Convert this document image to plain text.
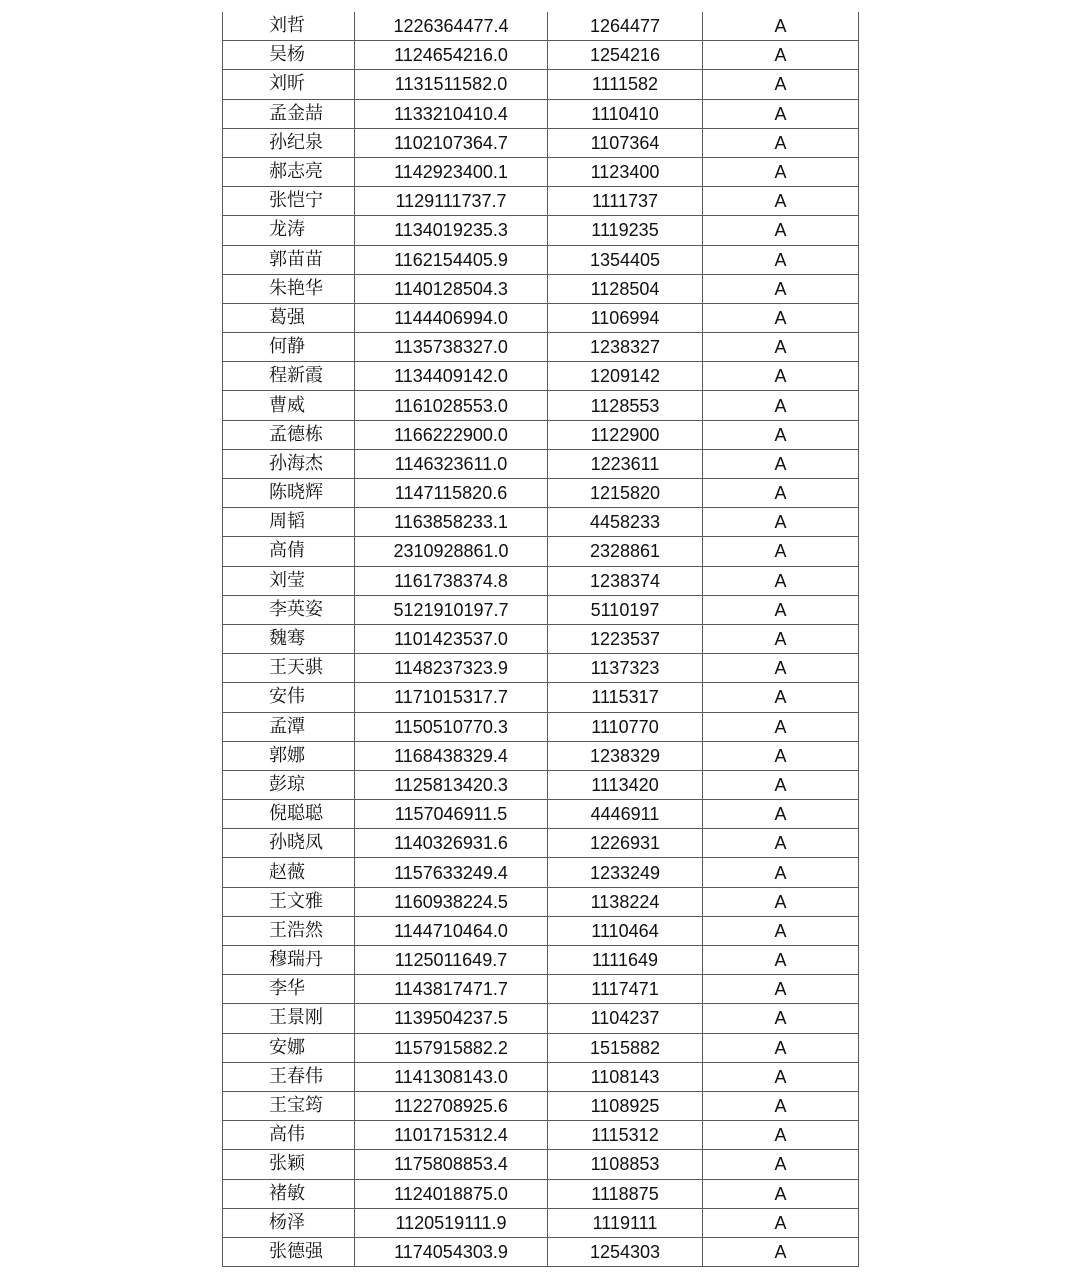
刘哲	1226364477.4	1264477	A
吴杨	1124654216.0	1254216	A
刘昕	1131511582.0	1111582	A
孟金喆	1133210410.4	1110410	A
孙纪泉	1102107364.7	1107364	A
郝志亮	1142923400.1	1123400	A
张恺宁	1129111737.7	1111737	A
龙涛	1134019235.3	1119235	A
郭苗苗	1162154405.9	1354405	A
朱艳华	1140128504.3	1128504	A
葛强	1144406994.0	1106994	A
何静	1135738327.0	1238327	A
程新霞	1134409142.0	1209142	A
曹威	1161028553.0	1128553	A
孟德栋	1166222900.0	1122900	A
孙海杰	1146323611.0	1223611	A
陈晓辉	1147115820.6	1215820	A
周韬	1163858233.1	4458233	A
高倩	2310928861.0	2328861	A
刘莹	1161738374.8	1238374	A
李英姿	5121910197.7	5110197	A
魏骞	1101423537.0	1223537	A
王天骐	1148237323.9	1137323	A
安伟	1171015317.7	1115317	A
孟潭	1150510770.3	1110770	A
郭娜	1168438329.4	1238329	A
彭琼	1125813420.3	1113420	A
倪聪聪	1157046911.5	4446911	A
孙晓凤	1140326931.6	1226931	A
赵薇	1157633249.4	1233249	A
王文雅	1160938224.5	1138224	A
王浩然	1144710464.0	1110464	A
穆瑞丹	1125011649.7	1111649	A
李华	1143817471.7	1117471	A
王景刚	1139504237.5	1104237	A
安娜	1157915882.2	1515882	A
王春伟	1141308143.0	1108143	A
王宝筠	1122708925.6	1108925	A
高伟	1101715312.4	1115312	A
张颖	1175808853.4	1108853	A
褚敏	1124018875.0	1118875	A
杨泽	1120519111.9	1119111	A
张德强	1174054303.9	1254303	A
